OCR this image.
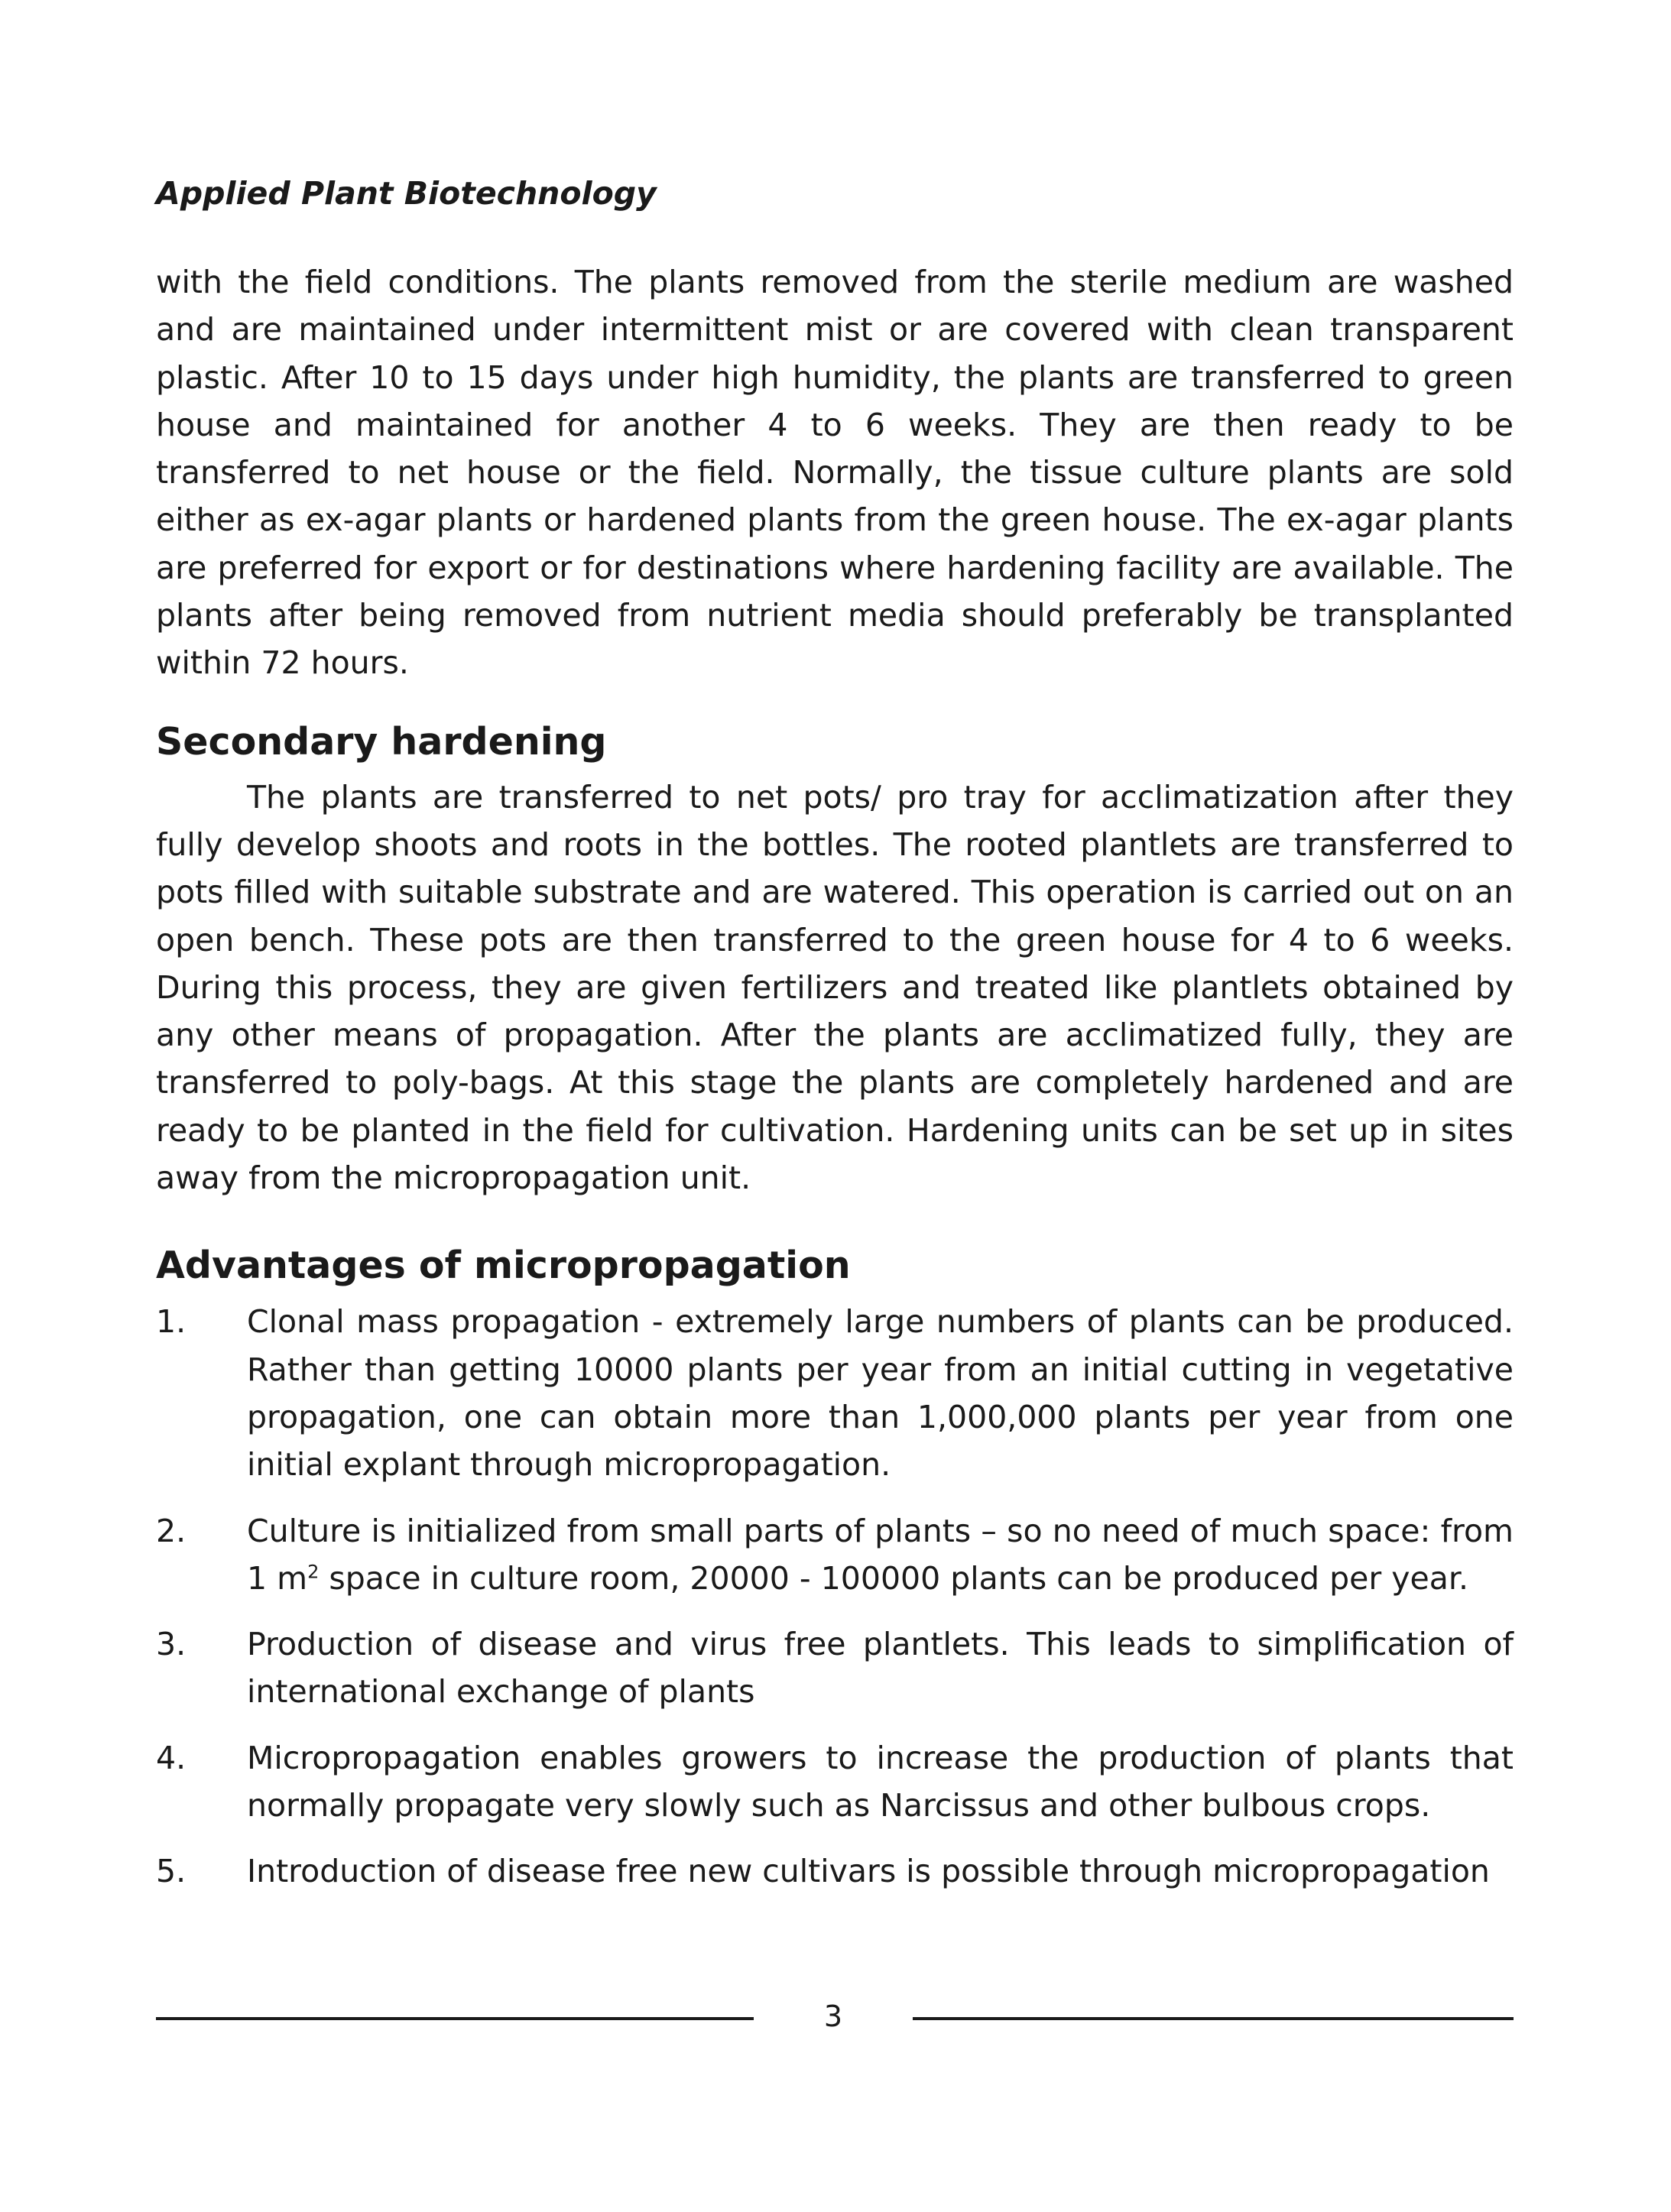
Applied Plant Biotechnology

with the field conditions. The plants removed from the sterile medium are washed and are maintained under intermittent mist or are covered with clean transparent plastic. After 10 to 15 days under high humidity, the plants are transferred to green house and maintained for another 4 to 6 weeks. They are then ready to be transferred to net house or the field. Normally, the tissue culture plants are sold either as ex-agar plants or hardened plants from the green house. The ex-agar plants are preferred for export or for destinations where hardening facility are available. The plants after being removed from nutrient media should preferably be transplanted within 72 hours.

Secondary hardening

The plants are transferred to net pots/ pro tray for acclimatization after they fully develop shoots and roots in the bottles. The rooted plantlets are transferred to pots filled with suitable substrate and are watered. This operation is carried out on an open bench. These pots are then transferred to the green house for 4 to 6 weeks. During this process, they are given fertilizers and treated like plantlets obtained by any other means of propagation. After the plants are acclimatized fully, they are transferred to poly-bags. At this stage the plants are completely hardened and are ready to be planted in the field for cultivation. Hardening units can be set up in sites away from the micropropagation unit.

Advantages of micropropagation
1.	Clonal mass propagation - extremely large numbers of plants can be produced. Rather than getting 10000 plants per year from an initial cutting in vegetative propagation, one can obtain more than 1,000,000 plants per year from one initial explant through micropropagation.
2.	Culture is initialized from small parts of plants – so no need of much space: from 1 $m^2$ space in culture room, 20000 - 100000 plants can be produced per year.
3.	Production of disease and virus free plantlets. This leads to simplification of international exchange of plants
4.	Micropropagation enables growers to increase the production of plants that normally propagate very slowly such as Narcissus and other bulbous crops.
5.	Introduction of disease free new cultivars is possible through micropropagation
3
